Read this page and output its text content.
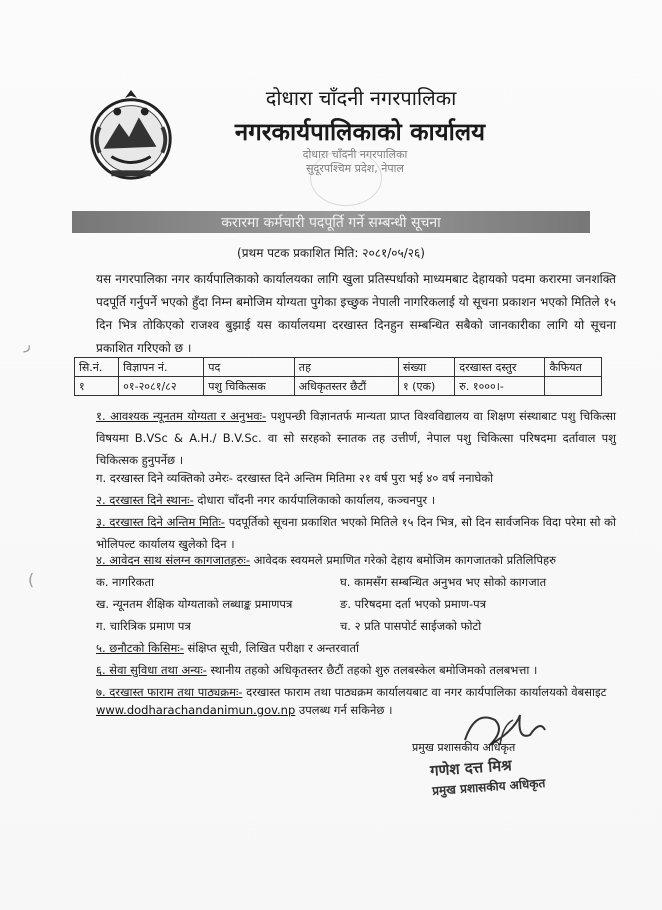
दोधारा चाँदनी नगरपालिका
नगरकार्यपालिकाको कार्यालय
दोधारा चाँदनी नगरपालिका
सुदूरपश्चिम प्रदेश, नेपाल
करारमा कर्मचारी पदपूर्ति गर्ने सम्बन्धी सूचना
(प्रथम पटक प्रकाशित मिति: २०८१/०५/२६)
यस नगरपालिका नगर कार्यपालिकाको कार्यालयका लागि खुला प्रतिस्पर्धाको माध्यमबाट देहायको पदमा करारमा जनशक्ति पदपूर्ति गर्नुपर्ने भएको हुँदा निम्न बमोजिम योग्यता पुगेका इच्छुक नेपाली नागरिकलाई यो सूचना प्रकाशन भएको मितिले १५ दिन भित्र तोकिएको राजश्व बुझाई यस कार्यालयमा दरखास्त दिनहुन सम्बन्धित सबैको जानकारीका लागि यो सूचना प्रकाशित गरिएको छ ।
ر
सि.नं.	विज्ञापन नं.	पद	तह	संख्या	दरखास्त दस्तुर	कैफियत
१	०१-२०८१/८२	पशु चिकित्सक	अधिकृतस्तर छैटौं	१ (एक)	रु. १०००।-	
१. आवश्यक न्यूनतम योग्यता र अनुभवः- पशुपन्छी विज्ञानतर्फ मान्यता प्राप्त विश्वविद्यालय वा शिक्षण संस्थाबाट पशु चिकित्सा विषयमा B.VSc & A.H./ B.V.Sc. वा सो सरहको स्नातक तह उत्तीर्ण, नेपाल पशु चिकित्सा परिषदमा दर्तावाल पशु चिकित्सक हुनुपर्नेछ ।
ग. दरखास्त दिने व्यक्तिको उमेरः- दरखास्त दिने अन्तिम मितिमा २१ वर्ष पुरा भई ४० वर्ष ननाघेको
२. दरखास्त दिने स्थानः- दोधारा चाँदनी नगर कार्यपालिकाको कार्यालय, कञ्चनपुर ।
३. दरखास्त दिने अन्तिम मितिः- पदपूर्तिको सूचना प्रकाशित भएको मितिले १५ दिन भित्र, सो दिन सार्वजनिक विदा परेमा सो को भोलिपल्ट कार्यालय खुलेको दिन ।
४. आवेदन साथ संलग्न कागजातहरुः- आवेदक स्वयमले प्रमाणित गरेको देहाय बमोजिम कागजातको प्रतिलिपिहरु
(	क. नागरिकता
ख. न्यूनतम शैक्षिक योग्यताको लब्धाङ्क प्रमाणपत्र
ग. चारित्रिक प्रमाण पत्र
घ. कामसँग सम्बन्धित अनुभव भए सोको कागजात
ङ. परिषदमा दर्ता भएको प्रमाण-पत्र
च. २ प्रति पासपोर्ट साईजको फोटो
५. छनौटको किसिमः- संक्षिप्त सूची, लिखित परीक्षा र अन्तरवार्ता
६. सेवा सुविधा तथा अन्यः- स्थानीय तहको अधिकृतस्तर छैटौं तहको शुरु तलबस्केल बमोजिमको तलबभत्ता ।
७. दरखास्त फाराम तथा पाठ्यक्रमः- दरखास्त फाराम तथा पाठ्यक्रम कार्यालयबाट वा नगर कार्यपालिका कार्यालयको वेबसाइट
www.dodharachandanimun.gov.np उपलब्ध गर्न सकिनेछ ।
प्रमुख प्रशासकीय अधिकृत
गणेश दत्त मिश्र
प्रमुख प्रशासकीय अधिकृत
